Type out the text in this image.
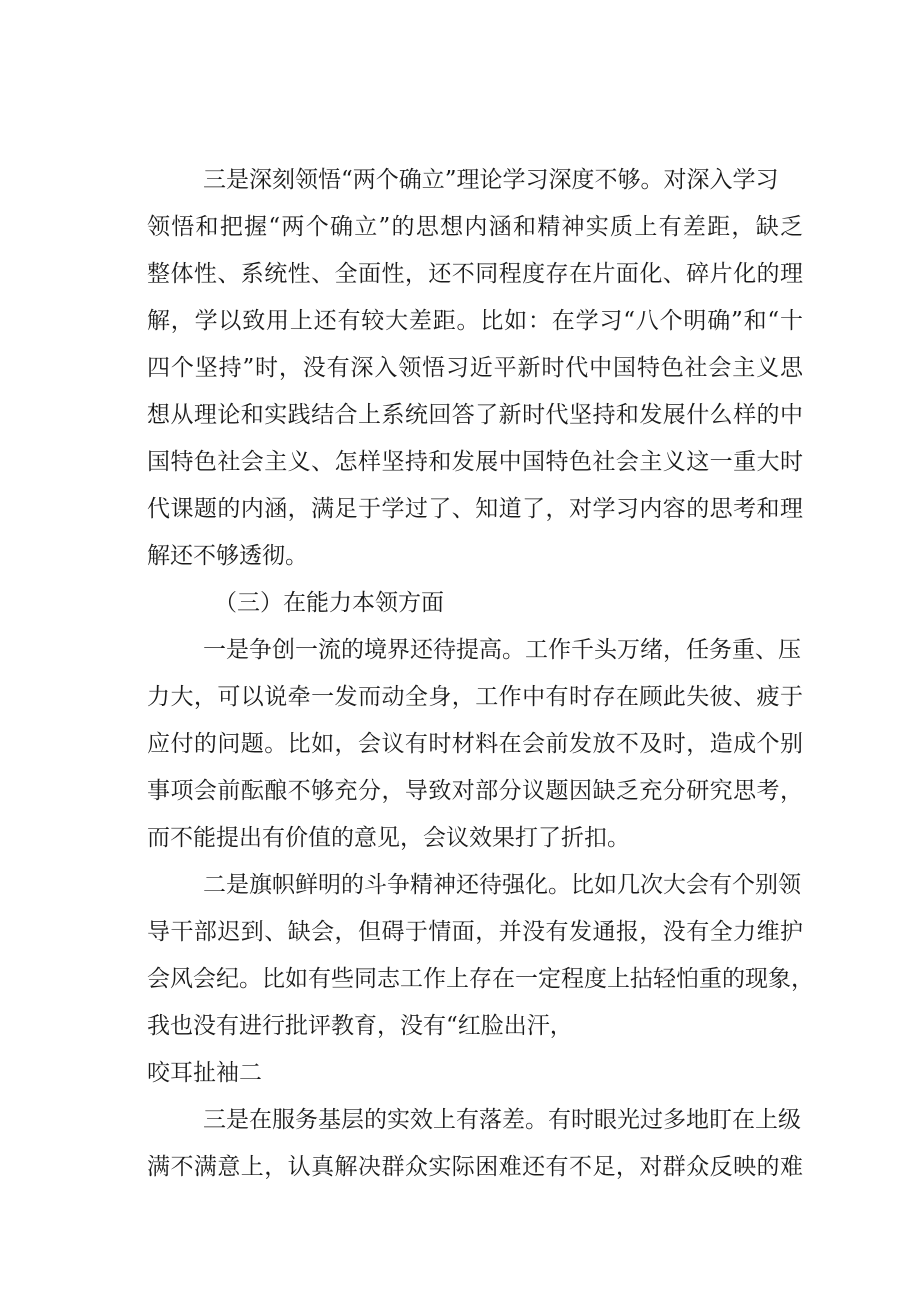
三是深刻领悟“两个确立”理论学习深度不够。对深入学习
领悟和把握“两个确立”的思想内涵和精神实质上有差距，缺乏
整体性、系统性、全面性，还不同程度存在片面化、碎片化的理
解，学以致用上还有较大差距。比如：在学习“八个明确”和“十
四个坚持”时，没有深入领悟习近平新时代中国特色社会主义思
想从理论和实践结合上系统回答了新时代坚持和发展什么样的中
国特色社会主义、怎样坚持和发展中国特色社会主义这一重大时
代课题的内涵，满足于学过了、知道了，对学习内容的思考和理
解还不够透彻。
（三）在能力本领方面
一是争创一流的境界还待提高。工作千头万绪，任务重、压
力大，可以说牵一发而动全身，工作中有时存在顾此失彼、疲于
应付的问题。比如，会议有时材料在会前发放不及时，造成个别
事项会前酝酿不够充分，导致对部分议题因缺乏充分研究思考，
而不能提出有价值的意见，会议效果打了折扣。
二是旗帜鲜明的斗争精神还待强化。比如几次大会有个别领
导干部迟到、缺会，但碍于情面，并没有发通报，没有全力维护
会风会纪。比如有些同志工作上存在一定程度上拈轻怕重的现象，
我也没有进行批评教育，没有“红脸出汗，
咬耳扯袖二
三是在服务基层的实效上有落差。有时眼光过多地盯在上级
满不满意上，认真解决群众实际困难还有不足，对群众反映的难
